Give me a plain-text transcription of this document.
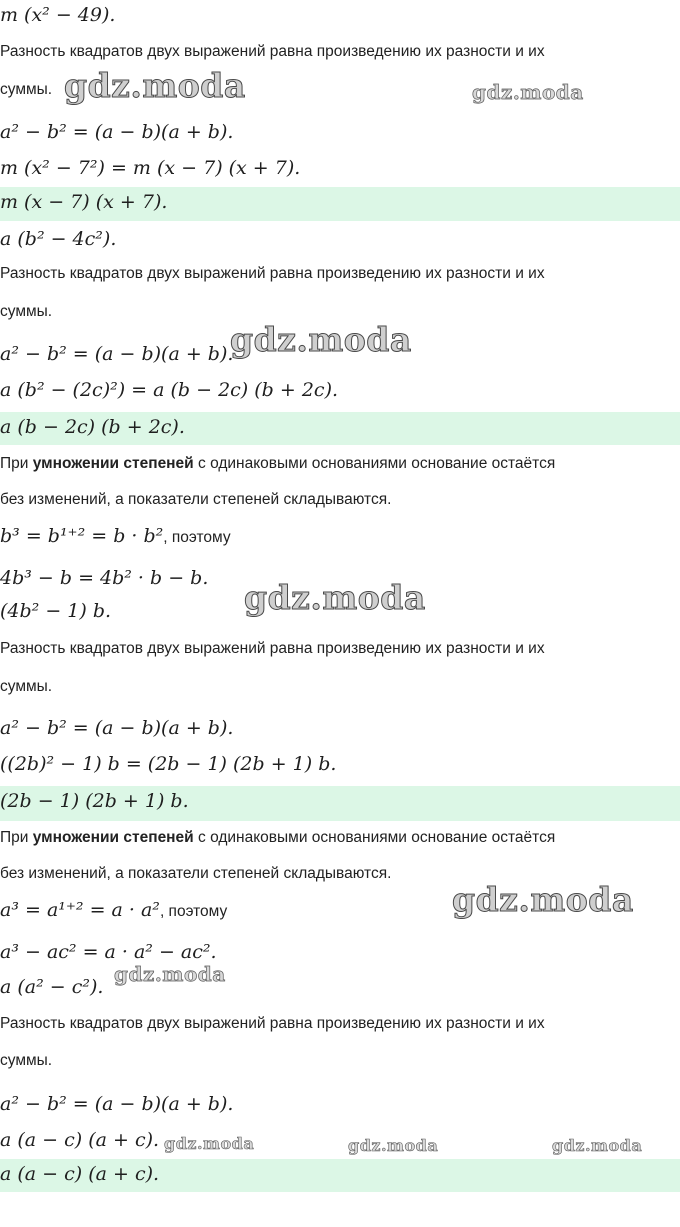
m (x² − 49).
Разность квадратов двух выражений равна произведению их разности и их
суммы.
a² − b² = (a − b)(a + b).
m (x² − 7²) = m (x − 7) (x + 7).
m (x − 7) (x + 7).
a (b² − 4c²).
Разность квадратов двух выражений равна произведению их разности и их
суммы.
a² − b² = (a − b)(a + b).
a (b² − (2c)²) = a (b − 2c) (b + 2c).
a (b − 2c) (b + 2c).
При умножении степеней с одинаковыми основаниями основание остаётся
без изменений, а показатели степеней складываются.
b³ = b¹⁺² = b · b², поэтому
4b³ − b = 4b² · b − b.
(4b² − 1) b.
Разность квадратов двух выражений равна произведению их разности и их
суммы.
a² − b² = (a − b)(a + b).
((2b)² − 1) b = (2b − 1) (2b + 1) b.
(2b − 1) (2b + 1) b.
При умножении степеней с одинаковыми основаниями основание остаётся
без изменений, а показатели степеней складываются.
a³ = a¹⁺² = a · a², поэтому
a³ − ac² = a · a² − ac².
a (a² − c²).
Разность квадратов двух выражений равна произведению их разности и их
суммы.
a² − b² = (a − b)(a + b).
a (a − c) (a + c).
a (a − c) (a + c).
gdz.moda	gdz.moda
gdz.moda
gdz.moda
gdz.moda
gdz.moda
gdz.moda	gdz.moda	gdz.moda
